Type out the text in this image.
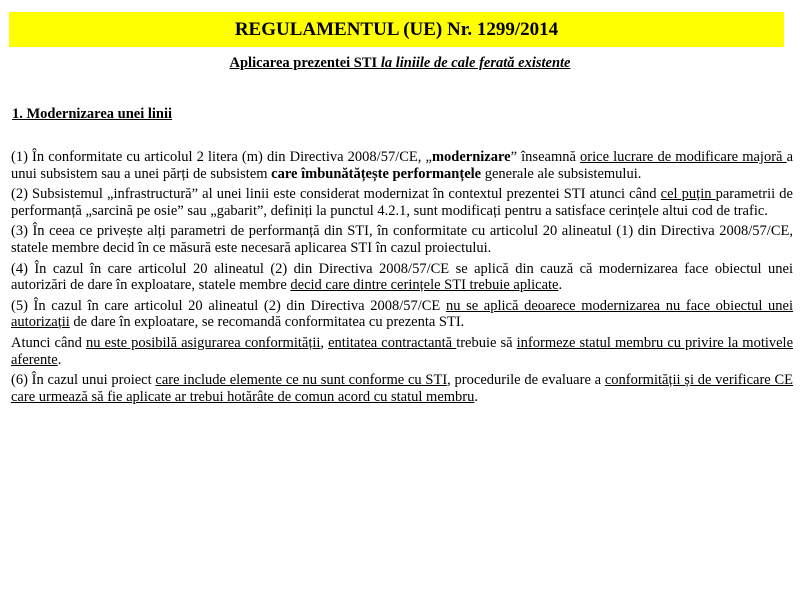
REGULAMENTUL (UE) Nr. 1299/2014
Aplicarea prezentei STI la liniile de cale ferată existente
1. Modernizarea unei linii

(1) În conformitate cu articolul 2 litera (m) din Directiva 2008/57/CE, „modernizare” înseamnă orice lucrare de modificare majoră a unui subsistem sau a unei părți de subsistem care îmbunătățește performanțele generale ale subsistemului.

(2) Subsistemul „infrastructură” al unei linii este considerat modernizat în contextul prezentei STI atunci când cel puțin parametrii de performanță „sarcină pe osie” sau „gabarit”, definiți la punctul 4.2.1, sunt modificați pentru a satisface cerințele altui cod de trafic.

(3) În ceea ce privește alți parametri de performanță din STI, în conformitate cu articolul 20 alineatul (1) din Directiva 2008/57/CE, statele membre decid în ce măsură este necesară aplicarea STI în cazul proiectului.

(4) În cazul în care articolul 20 alineatul (2) din Directiva 2008/57/CE se aplică din cauză că modernizarea face obiectul unei autorizări de dare în exploatare, statele membre decid care dintre cerințele STI trebuie aplicate.

(5) În cazul în care articolul 20 alineatul (2) din Directiva 2008/57/CE nu se aplică deoarece modernizarea nu face obiectul unei autorizații de dare în exploatare, se recomandă conformitatea cu prezenta STI.

Atunci când nu este posibilă asigurarea conformității, entitatea contractantă trebuie să informeze statul membru cu privire la motivele aferente.

(6) În cazul unui proiect care include elemente ce nu sunt conforme cu STI, procedurile de evaluare a conformității și de verificare CE care urmează să fie aplicate ar trebui hotărâte de comun acord cu statul membru.
